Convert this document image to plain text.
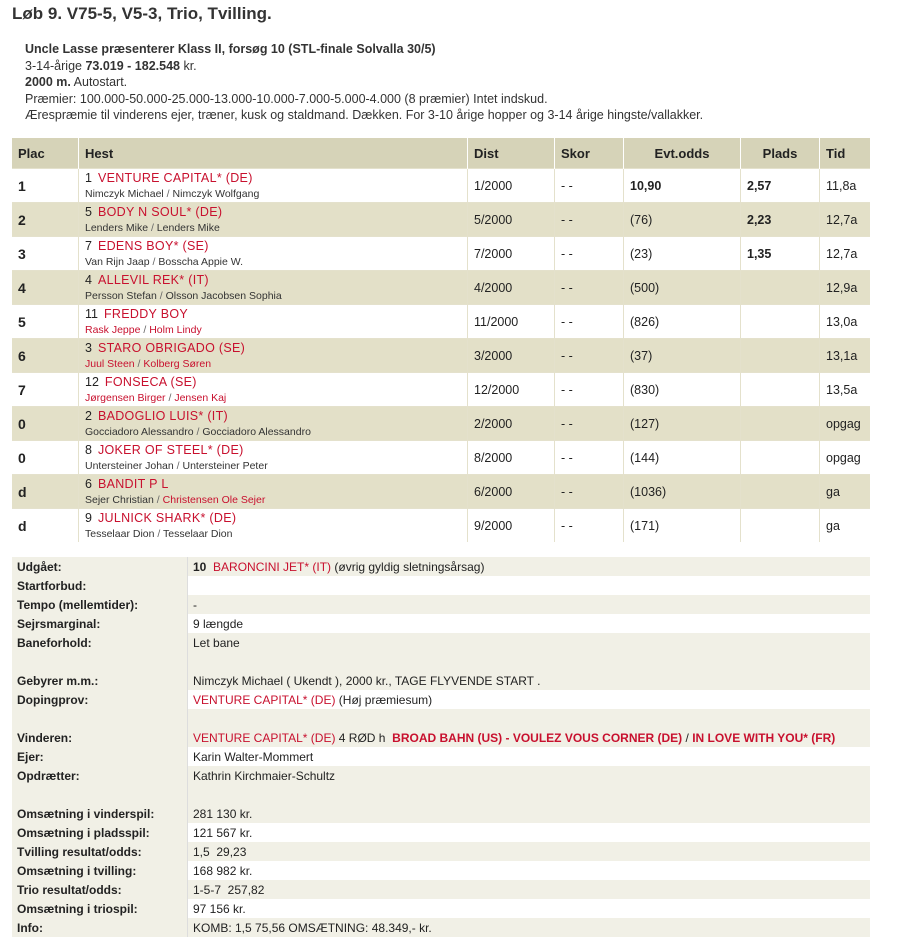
Løb 9. V75-5, V5-3, Trio, Tvilling.
Uncle Lasse præsenterer Klass II, forsøg 10 (STL-finale Solvalla 30/5)
3-14-årige 73.019 - 182.548 kr.
2000 m. Autostart.
Præmier: 100.000-50.000-25.000-13.000-10.000-7.000-5.000-4.000 (8 præmier) Intet indskud.
Ærespræmie til vinderens ejer, træner, kusk og staldmand. Dækken. For 3-10 årige hopper og 3-14 årige hingste/vallakker.
Plac	Hest	Dist	Skor	Evt.odds	Plads	Tid
1	1 VENTURE CAPITAL* (DE)
Nimczyk Michael / Nimczyk Wolfgang	1/2000	- -	10,90	2,57	11,8a
2	5 BODY N SOUL* (DE)
Lenders Mike / Lenders Mike	5/2000	- -	(76)	2,23	12,7a
3	7 EDENS BOY* (SE)
Van Rijn Jaap / Bosscha Appie W.	7/2000	- -	(23)	1,35	12,7a
4	4 ALLEVIL REK* (IT)
Persson Stefan / Olsson Jacobsen Sophia	4/2000	- -	(500)		12,9a
5	11 FREDDY BOY
Rask Jeppe / Holm Lindy	11/2000	- -	(826)		13,0a
6	3 STARO OBRIGADO (SE)
Juul Steen / Kolberg Søren	3/2000	- -	(37)		13,1a
7	12 FONSECA (SE)
Jørgensen Birger / Jensen Kaj	12/2000	- -	(830)		13,5a
0	2 BADOGLIO LUIS* (IT)
Gocciadoro Alessandro / Gocciadoro Alessandro	2/2000	- -	(127)		opgag
0	8 JOKER OF STEEL* (DE)
Untersteiner Johan / Untersteiner Peter	8/2000	- -	(144)		opgag
d	6 BANDIT P L
Sejer Christian / Christensen Ole Sejer	6/2000	- -	(1036)		ga
d	9 JULNICK SHARK* (DE)
Tesselaar Dion / Tesselaar Dion	9/2000	- -	(171)		ga
Udgået:	10 BARONCINI JET* (IT) (øvrig gyldig sletningsårsag)
Startforbud:	
Tempo (mellemtider):	-
Sejrsmarginal:	9 længde
Baneforhold:	Let bane

Gebyrer m.m.:	Nimczyk Michael ( Ukendt ), 2000 kr., TAGE FLYVENDE START .
Dopingprov:	VENTURE CAPITAL* (DE) (Høj præmiesum)

Vinderen:	VENTURE CAPITAL* (DE) 4 RØD h  BROAD BAHN (US) - VOULEZ VOUS CORNER (DE) / IN LOVE WITH YOU* (FR)
Ejer:	Karin Walter-Mommert
Opdrætter:	Kathrin Kirchmaier-Schultz

Omsætning i vinderspil:	281 130 kr.
Omsætning i pladsspil:	121 567 kr.
Tvilling resultat/odds:	1,5  29,23
Omsætning i tvilling:	168 982 kr.
Trio resultat/odds:	1-5-7  257,82
Omsætning i triospil:	97 156 kr.
Info:	KOMB: 1,5 75,56 OMSÆTNING: 48.349,- kr.
